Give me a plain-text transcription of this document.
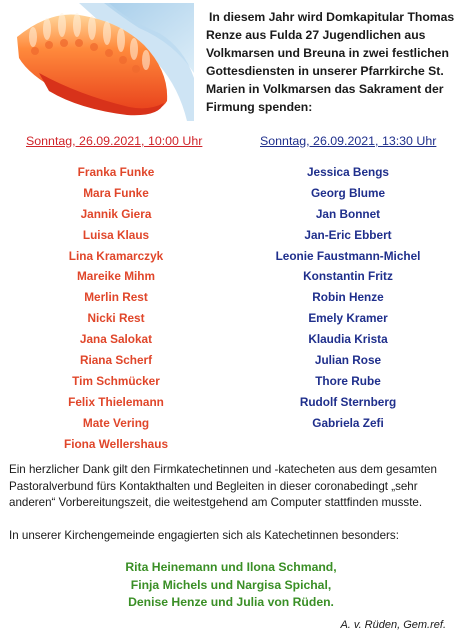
In diesem Jahr wird Domkapitular Thomas Renze aus Fulda 27 Jugendlichen aus Volkmarsen und Breuna in zwei festlichen Gottesdiensten in unserer Pfarrkirche St. Marien in Volkmarsen das Sakrament der Firmung spenden:
Sonntag, 26.09.2021, 10:00 Uhr	Sonntag, 26.09.2021, 13:30 Uhr
Franka Funke
Mara Funke
Jannik Giera
Luisa Klaus
Lina Kramarczyk
Mareike Mihm
Merlin Rest
Nicki Rest
Jana Salokat
Riana Scherf
Tim Schmücker
Felix Thielemann
Mate Vering
Fiona Wellershaus
Jessica Bengs
Georg Blume
Jan Bonnet
Jan-Eric Ebbert
Leonie Faustmann-Michel
Konstantin Fritz
Robin Henze
Emely Kramer
Klaudia Krista
Julian Rose
Thore Rube
Rudolf Sternberg
Gabriela Zefi
Ein herzlicher Dank gilt den Firmkatechetinnen und -katecheten aus dem gesamten Pastoralverbund fürs Kontakthalten und Begleiten in dieser coronabedingt „sehr anderen“ Vorbereitungszeit, die weitestgehend am Computer stattfinden musste.
In unserer Kirchengemeinde engagierten sich als Katechetinnen besonders:
Rita Heinemann und Ilona Schmand,
Finja Michels und Nargisa Spichal,
Denise Henze und Julia von Rüden.
A. v. Rüden, Gem.ref.
